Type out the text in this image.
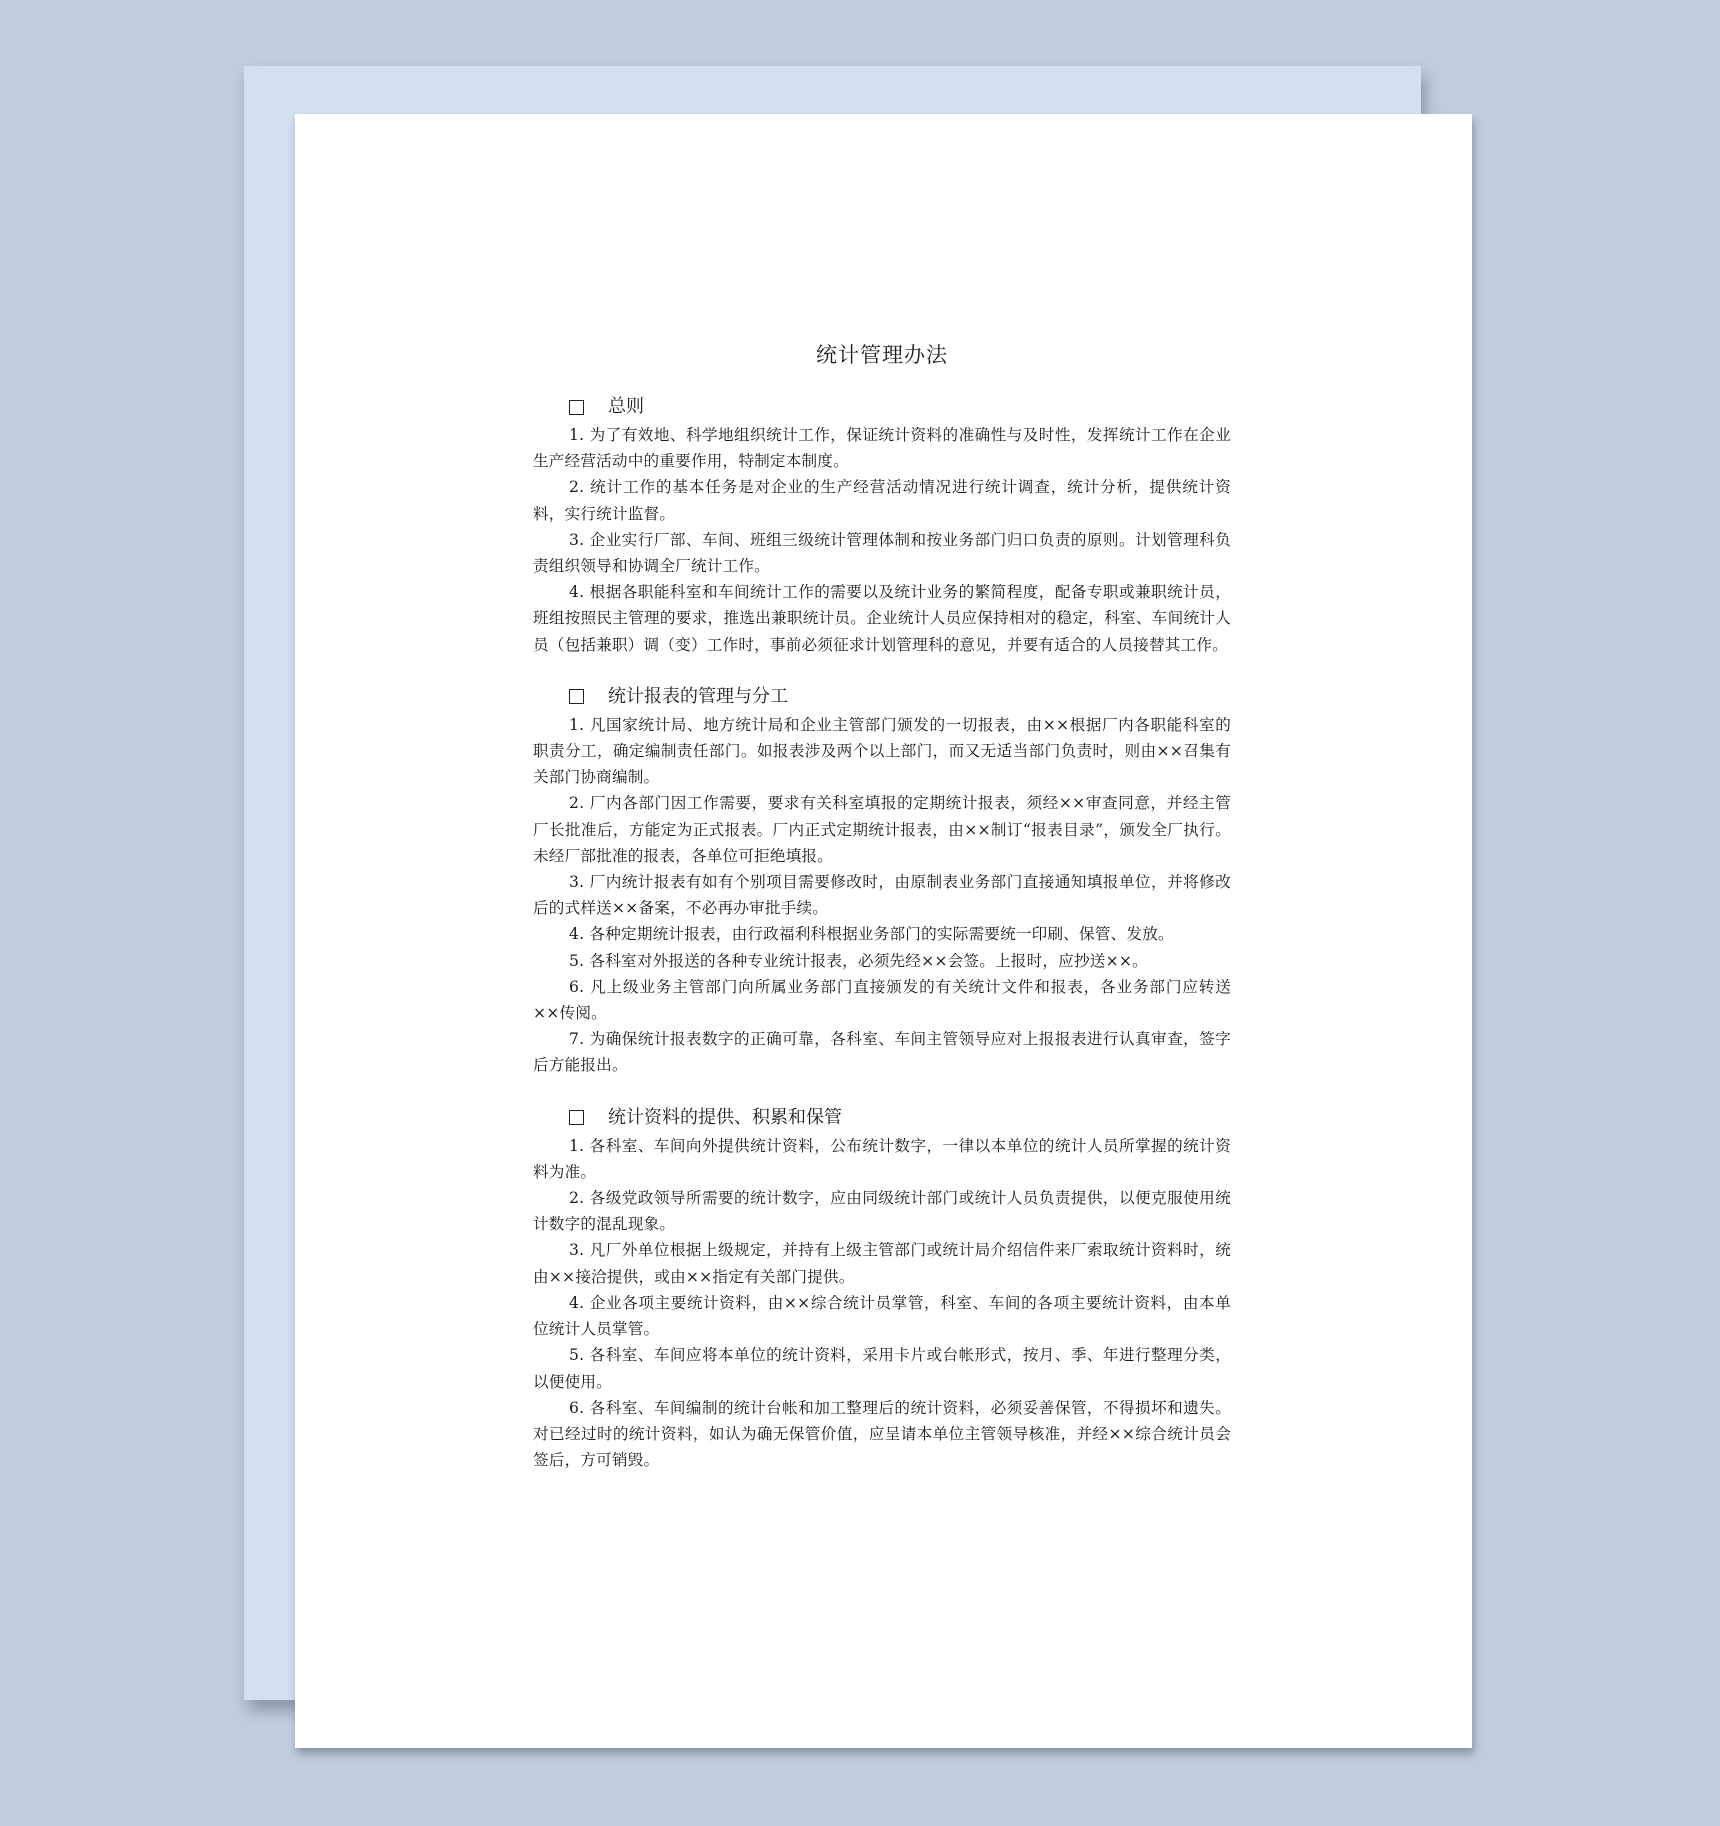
统计管理办法
总则

1. 为了有效地、科学地组织统计工作，保证统计资料的准确性与及时性，发挥统计工作在企业生产经营活动中的重要作用，特制定本制度。

2. 统计工作的基本任务是对企业的生产经营活动情况进行统计调查，统计分析，提供统计资料，实行统计监督。

3. 企业实行厂部、车间、班组三级统计管理体制和按业务部门归口负责的原则。计划管理科负责组织领导和协调全厂统计工作。

4. 根据各职能科室和车间统计工作的需要以及统计业务的繁简程度，配备专职或兼职统计员，班组按照民主管理的要求，推选出兼职统计员。企业统计人员应保持相对的稳定，科室、车间统计人员（包括兼职）调（变）工作时，事前必须征求计划管理科的意见，并要有适合的人员接替其工作。

统计报表的管理与分工

1. 凡国家统计局、地方统计局和企业主管部门颁发的一切报表，由××根据厂内各职能科室的职责分工，确定编制责任部门。如报表涉及两个以上部门，而又无适当部门负责时，则由××召集有关部门协商编制。

2. 厂内各部门因工作需要，要求有关科室填报的定期统计报表，须经××审查同意，并经主管厂长批准后，方能定为正式报表。厂内正式定期统计报表，由××制订“报表目录”，颁发全厂执行。未经厂部批准的报表，各单位可拒绝填报。

3. 厂内统计报表有如有个别项目需要修改时，由原制表业务部门直接通知填报单位，并将修改后的式样送××备案，不必再办审批手续。

4. 各种定期统计报表，由行政福利科根据业务部门的实际需要统一印刷、保管、发放。

5. 各科室对外报送的各种专业统计报表，必须先经××会签。上报时，应抄送××。

6. 凡上级业务主管部门向所属业务部门直接颁发的有关统计文件和报表，各业务部门应转送××传阅。

7. 为确保统计报表数字的正确可靠，各科室、车间主管领导应对上报报表进行认真审查，签字后方能报出。

统计资料的提供、积累和保管

1. 各科室、车间向外提供统计资料，公布统计数字，一律以本单位的统计人员所掌握的统计资料为准。

2. 各级党政领导所需要的统计数字，应由同级统计部门或统计人员负责提供，以便克服使用统计数字的混乱现象。

3. 凡厂外单位根据上级规定，并持有上级主管部门或统计局介绍信件来厂索取统计资料时，统由××接洽提供，或由××指定有关部门提供。

4. 企业各项主要统计资料，由××综合统计员掌管，科室、车间的各项主要统计资料，由本单位统计人员掌管。

5. 各科室、车间应将本单位的统计资料，采用卡片或台帐形式，按月、季、年进行整理分类，以便使用。

6. 各科室、车间编制的统计台帐和加工整理后的统计资料，必须妥善保管，不得损坏和遗失。对已经过时的统计资料，如认为确无保管价值，应呈请本单位主管领导核准，并经××综合统计员会签后，方可销毁。
